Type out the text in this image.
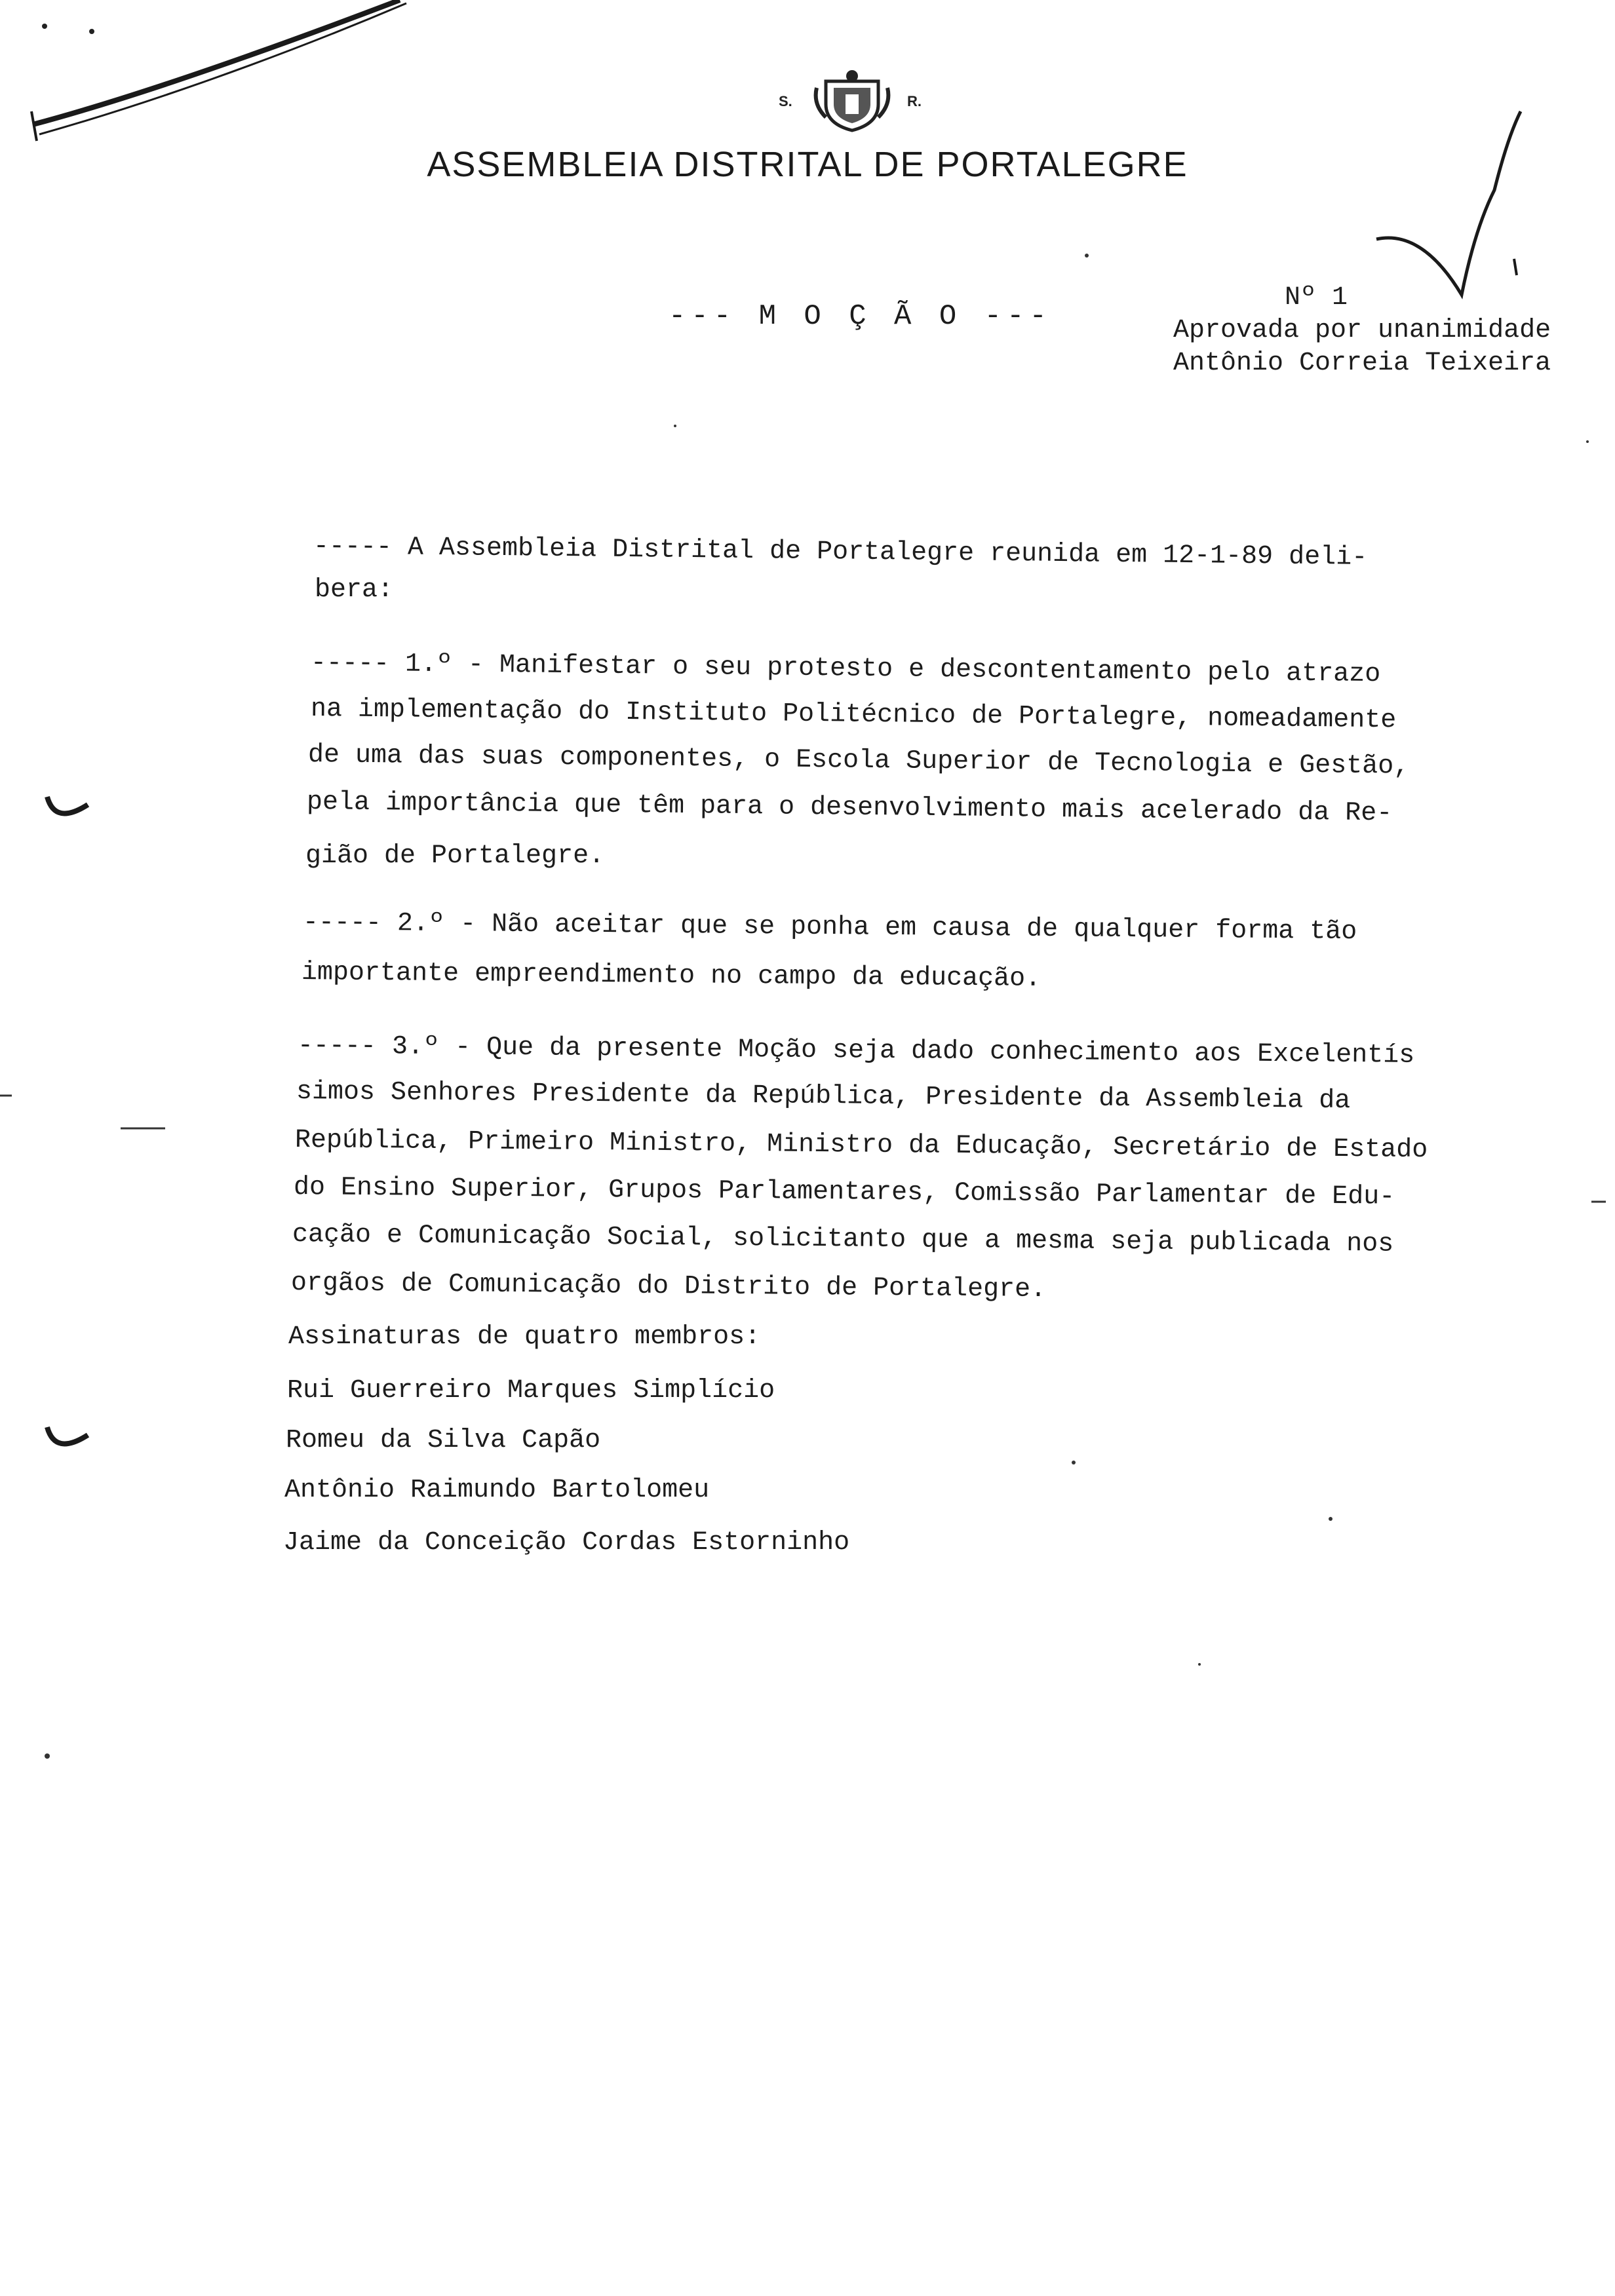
S.	R.
ASSEMBLEIA DISTRITAL DE PORTALEGRE
--- M O Ç Ã O ---
Nº 1
Aprovada por unanimidade
Antônio Correia Teixeira
----- A Assembleia Distrital de Portalegre reunida em 12-1-89 deli-
bera:
----- 1.º - Manifestar o seu protesto e descontentamento pelo atrazo
na implementação do Instituto Politécnico de Portalegre, nomeadamente
de uma das suas componentes, o Escola Superior de Tecnologia e Gestão,
pela importância que têm para o desenvolvimento mais acelerado da Re-
gião de Portalegre.
----- 2.º - Não aceitar que se ponha em causa de qualquer forma tão
importante empreendimento no campo da educação.
----- 3.º - Que da presente Moção seja dado conhecimento aos Excelentís
simos Senhores Presidente da República, Presidente da Assembleia da
República, Primeiro Ministro, Ministro da Educação, Secretário de Estado
do Ensino Superior, Grupos Parlamentares, Comissão Parlamentar de Edu-
cação e Comunicação Social, solicitanto que a mesma seja publicada nos
orgãos de Comunicação do Distrito de Portalegre.
Assinaturas de quatro membros:
Rui Guerreiro Marques Simplício
Romeu da Silva Capão
Antônio Raimundo Bartolomeu
Jaime da Conceição Cordas Estorninho
